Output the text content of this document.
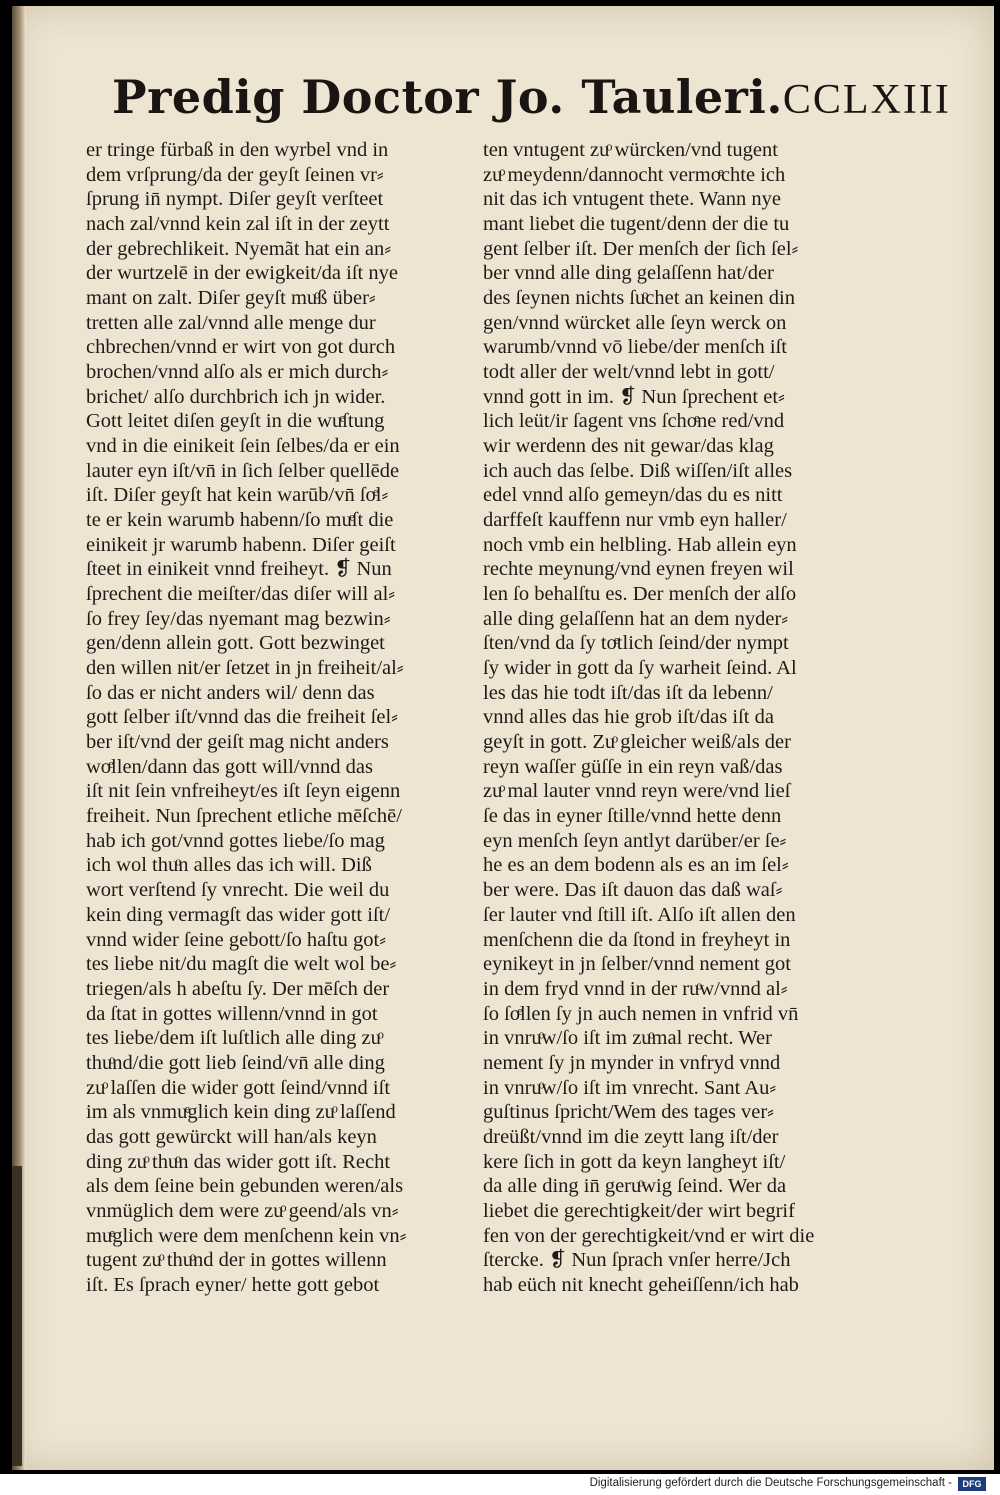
Predig Doctor Jo. Tauleri. CCLXIII
er tringe fürbaß in den wyrbel vnd in
dem vrſprung/da der geyſt ſeinen vr⸗
ſprung in̄ nympt. Diſer geyſt verſteet
nach zal/vnnd kein zal iſt in der zeytt
der gebrechlikeit. Nyemãt hat ein an⸗
der wurtzelē in der ewigkeit/da iſt nye
mant on zalt. Diſer geyſt muͦß über⸗
tretten alle zal/vnnd alle menge dur
chbrechen/vnnd er wirt von got durch
brochen/vnnd alſo als er mich durch⸗
brichet/ alſo durchbrich ich jn wider.
Gott leitet diſen geyſt in die wuͤſtung
vnd in die einikeit ſein ſelbes/da er ein
lauter eyn iſt/vn̄ in ſich ſelber quellēde
iſt. Diſer geyſt hat kein warūb/vn̄ ſoͤl⸗
te er kein warumb habenn/ſo muͤſt die
einikeit jr warumb habenn. Diſer geiſt
ſteet in einikeit vnnd freiheyt. ❡ Nun
ſprechent die meiſter/das diſer will al⸗
ſo frey ſey/das nyemant mag bezwin⸗
gen/denn allein gott. Gott bezwinget
den willen nit/er ſetzet in jn freiheit/al⸗
ſo das er nicht anders wil/ denn das
gott ſelber iſt/vnnd das die freiheit ſel⸗
ber iſt/vnd der geiſt mag nicht anders
woͤllen/dann das gott will/vnnd das
iſt nit ſein vnfreiheyt/es iſt ſeyn eigenn
freiheit. Nun ſprechent etliche mēſchē/
hab ich got/vnnd gottes liebe/ſo mag
ich wol thuͦn alles das ich will. Diß
wort verſtend ſy vnrecht. Die weil du
kein ding vermagſt das wider gott iſt/
vnnd wider ſeine gebott/ſo haſtu got⸗
tes liebe nit/du magſt die welt wol be⸗
triegen/als h abeſtu ſy. Der mēſch der
da ſtat in gottes willenn/vnnd in got
tes liebe/dem iſt luſtlich alle ding zuͦ
thuͦnd/die gott lieb ſeind/vn̄ alle ding
zuͦ laſſen die wider gott ſeind/vnnd iſt
im als vnmuͤglich kein ding zuͦ laſſend
das gott gewürckt will han/als keyn
ding zuͦ thuͦn das wider gott iſt. Recht
als dem ſeine bein gebunden weren/als
vnmüglich dem were zuͦ geend/als vn⸗
muͤglich were dem menſchenn kein vn⸗
tugent zuͦ thuͦnd der in gottes willenn
iſt. Es ſprach eyner/ hette gott gebot
ten vntugent zuͦ würcken/vnd tugent
zuͦ meydenn/dannocht vermoͤchte ich
nit das ich vntugent thete. Wann nye
mant liebet die tugent/denn der die tu
gent ſelber iſt. Der menſch der ſich ſel⸗
ber vnnd alle ding gelaſſenn hat/der
des ſeynen nichts ſuͦchet an keinen din
gen/vnnd würcket alle ſeyn werck on
warumb/vnnd vō liebe/der menſch iſt
todt aller der welt/vnnd lebt in gott/
vnnd gott in im. ❡ Nun ſprechent et⸗
lich leüt/ir ſagent vns ſchoͤne red/vnd
wir werdenn des nit gewar/das klag
ich auch das ſelbe. Diß wiſſen/iſt alles
edel vnnd alſo gemeyn/das du es nitt
darffeſt kauffenn nur vmb eyn haller/
noch vmb ein helbling. Hab allein eyn
rechte meynung/vnd eynen freyen wil
len ſo behalſtu es. Der menſch der alſo
alle ding gelaſſenn hat an dem nyder⸗
ſten/vnd da ſy toͤtlich ſeind/der nympt
ſy wider in gott da ſy warheit ſeind. Al
les das hie todt iſt/das iſt da lebenn/
vnnd alles das hie grob iſt/das iſt da
geyſt in gott. Zuͦ gleicher weiß/als der
reyn waſſer güſſe in ein reyn vaß/das
zuͦ mal lauter vnnd reyn were/vnd lieſ
ſe das in eyner ſtille/vnnd hette denn
eyn menſch ſeyn antlyt darüber/er ſe⸗
he es an dem bodenn als es an im ſel⸗
ber were. Das iſt dauon das daß waſ⸗
ſer lauter vnd ſtill iſt. Alſo iſt allen den
menſchenn die da ſtond in freyheyt in
eynikeyt in jn ſelber/vnnd nement got
in dem fryd vnnd in der ruͦw/vnnd al⸗
ſo ſoͤllen ſy jn auch nemen in vnfrid vn̄
in vnruͦw/ſo iſt im zuͦmal recht. Wer
nement ſy jn mynder in vnfryd vnnd
in vnruͦw/ſo iſt im vnrecht. Sant Au⸗
guſtinus ſpricht/Wem des tages ver⸗
dreüßt/vnnd im die zeytt lang iſt/der
kere ſich in gott da keyn langheyt iſt/
da alle ding in̄ geruͦwig ſeind. Wer da
liebet die gerechtigkeit/der wirt begrif
fen von der gerechtigkeit/vnd er wirt die
ſtercke. ❡ Nun ſprach vnſer herre/Jch
hab eüch nit knecht geheiſſenn/ich hab
Digitalisierung gefördert durch die Deutsche Forschungsgemeinschaft -	DFG
